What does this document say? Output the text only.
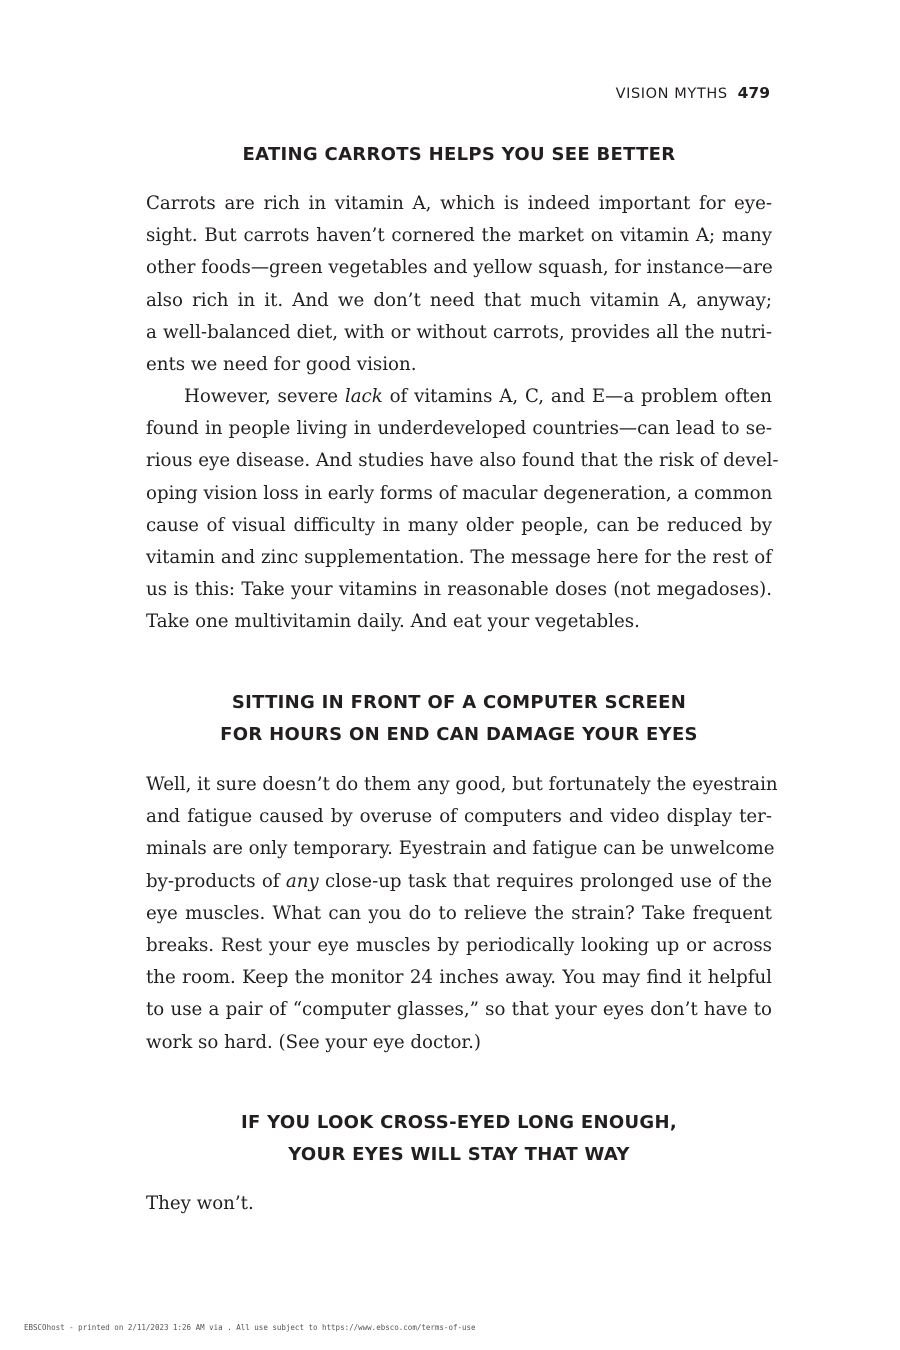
VISION MYTHS 479
EATING CARROTS HELPS YOU SEE BETTER
Carrots are rich in vitamin A, which is indeed important for eye-
sight. But carrots haven’t cornered the market on vitamin A; many
other foods—green vegetables and yellow squash, for instance—are
also rich in it. And we don’t need that much vitamin A, anyway;
a well-balanced diet, with or without carrots, provides all the nutri-
ents we need for good vision.
However, severe lack of vitamins A, C, and E—a problem often
found in people living in underdeveloped countries—can lead to se-
rious eye disease. And studies have also found that the risk of devel-
oping vision loss in early forms of macular degeneration, a common
cause of visual difficulty in many older people, can be reduced by
vitamin and zinc supplementation. The message here for the rest of
us is this: Take your vitamins in reasonable doses (not megadoses).
Take one multivitamin daily. And eat your vegetables.
SITTING IN FRONT OF A COMPUTER SCREEN
FOR HOURS ON END CAN DAMAGE YOUR EYES
Well, it sure doesn’t do them any good, but fortunately the eyestrain
and fatigue caused by overuse of computers and video display ter-
minals are only temporary. Eyestrain and fatigue can be unwelcome
by-products of any close-up task that requires prolonged use of the
eye muscles. What can you do to relieve the strain? Take frequent
breaks. Rest your eye muscles by periodically looking up or across
the room. Keep the monitor 24 inches away. You may find it helpful
to use a pair of “computer glasses,” so that your eyes don’t have to
work so hard. (See your eye doctor.)
IF YOU LOOK CROSS-EYED LONG ENOUGH,
YOUR EYES WILL STAY THAT WAY
They won’t.
EBSCOhost - printed on 2/11/2023 1:26 AM via . All use subject to https://www.ebsco.com/terms-of-use
